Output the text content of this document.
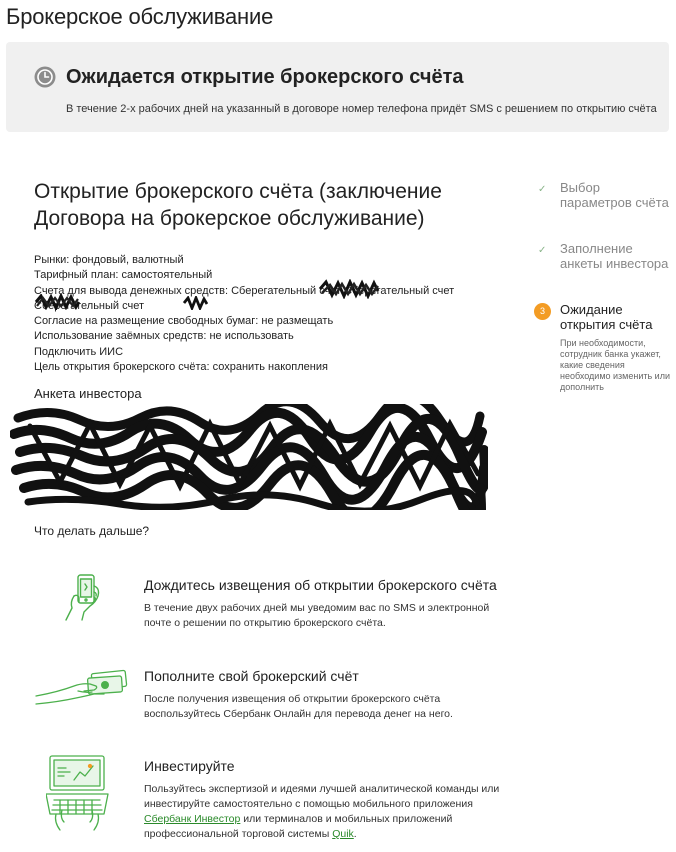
Брокерское обслуживание
Ожидается открытие брокерского счёта
В течение 2-х рабочих дней на указанный в договоре номер телефона придёт SMS с решением по открытию счёта
Открытие брокерского счёта (заключение Договора на брокерское обслуживание)
Рынки: фондовый, валютный
Тарифный план: самостоятельный
Счета для вывода денежных средств: Сберегательный счет Сберегательный счет
Сберегательный счет
Согласие на размещение свободных бумаг: не размещать
Использование заёмных средств: не использовать
Подключить ИИС
Цель открытия брокерского счёта: сохранить накопления
Анкета инвестора
Что делать дальше?
Дождитесь извещения об открытии брокерского счёта
В течение двух рабочих дней мы уведомим вас по SMS и электронной почте о решении по открытию брокерского счёта.
Пополните свой брокерский счёт
После получения извещения об открытии брокерского счёта воспользуйтесь Сбербанк Онлайн для перевода денег на него.
Инвестируйте
Пользуйтесь экспертизой и идеями лучшей аналитической команды или инвестируйте самостоятельно с помощью мобильного приложения
Сбербанк Инвестор или терминалов и мобильных приложений профессиональной торговой системы Quik.
✓ Выбор параметров счёта
✓ Заполнение анкеты инвестора
3	Ожидание открытия счёта
При необходимости, сотрудник банка укажет, какие сведения необходимо изменить или дополнить
